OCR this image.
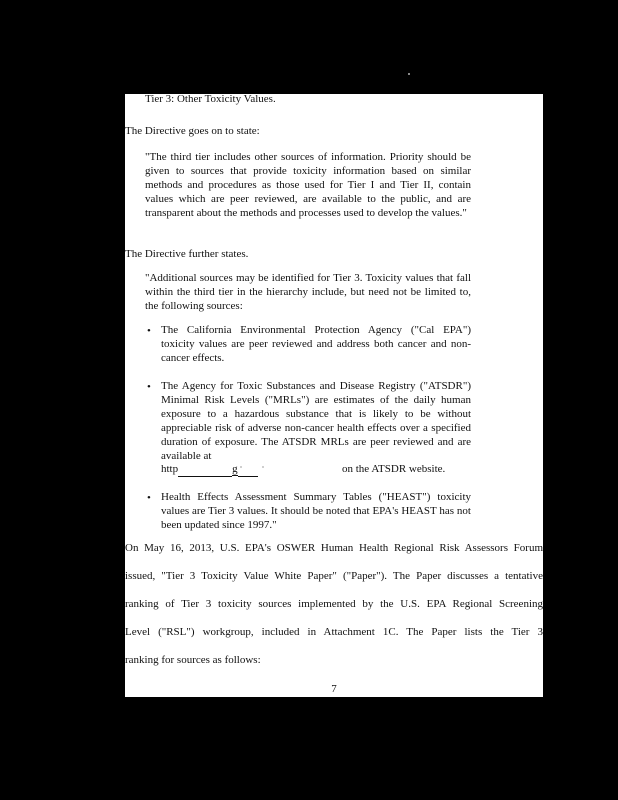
Tier 3: Other Toxicity Values.
The Directive goes on to state:
"The third tier includes other sources of information. Priority should be given to sources that provide toxicity information based on similar methods and procedures as those used for Tier I and Tier II, contain values which are peer reviewed, are available to the public, and are transparent about the methods and processes used to develop the values."
The Directive further states.
"Additional sources may be identified for Tier 3. Toxicity values that fall within the third tier in the hierarchy include, but need not be limited to, the following sources:
• The California Environmental Protection Agency ("Cal EPA") toxicity values are peer reviewed and address both cancer and non-cancer effects.
• The Agency for Toxic Substances and Disease Registry ("ATSDR") Minimal Risk Levels ("MRLs") are estimates of the daily human exposure to a hazardous substance that is likely to be without appreciable risk of adverse non-cancer health effects over a specified duration of exposure. The ATSDR MRLs are peer reviewed and are available at
http	g	on the ATSDR website.
• Health Effects Assessment Summary Tables ("HEAST") toxicity values are Tier 3 values. It should be noted that EPA's HEAST has not been updated since 1997."
On May 16, 2013, U.S. EPA's OSWER Human Health Regional Risk Assessors Forum
issued, "Tier 3 Toxicity Value White Paper" ("Paper"). The Paper discusses a tentative
ranking of Tier 3 toxicity sources implemented by the U.S. EPA Regional Screening
Level ("RSL") workgroup, included in Attachment 1C. The Paper lists the Tier 3
ranking for sources as follows:
7
